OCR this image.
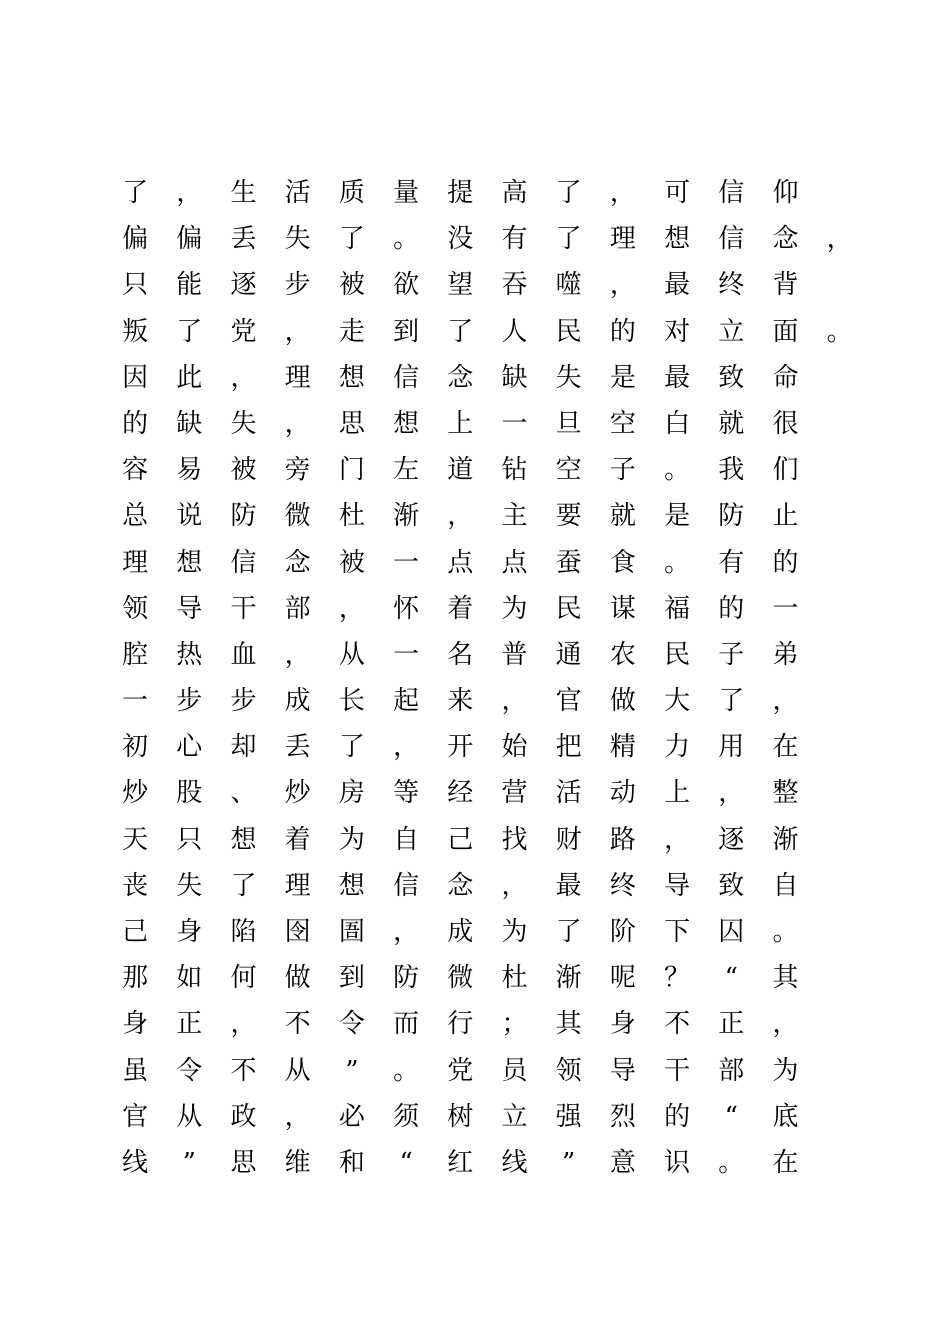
了	，	生	活	质	量	提	高	了	，	可	信	仰
偏	偏	丢	失	了	。	没	有	了	理	想	信	念	，
只	能	逐	步	被	欲	望	吞	噬	，	最	终	背
叛	了	党	，	走	到	了	人	民	的	对	立	面	。
因	此	，	理	想	信	念	缺	失	是	最	致	命
的	缺	失	，	思	想	上	一	旦	空	白	就	很
容	易	被	旁	门	左	道	钻	空	子	。	我	们
总	说	防	微	杜	渐	，	主	要	就	是	防	止
理	想	信	念	被	一	点	点	蚕	食	。	有	的
领	导	干	部	，	怀	着	为	民	谋	福	的	一
腔	热	血	，	从	一	名	普	通	农	民	子	弟
一	步	步	成	长	起	来	，	官	做	大	了	，
初	心	却	丢	了	，	开	始	把	精	力	用	在
炒	股	、	炒	房	等	经	营	活	动	上	，	整
天	只	想	着	为	自	己	找	财	路	，	逐	渐
丧	失	了	理	想	信	念	，	最	终	导	致	自
己	身	陷	囹	圄	，	成	为	了	阶	下	囚	。
那	如	何	做	到	防	微	杜	渐	呢	？	“	其
身	正	，	不	令	而	行	；	其	身	不	正	，
虽	令	不	从	”	。	党	员	领	导	干	部	为
官	从	政	，	必	须	树	立	强	烈	的	“	底
线	”	思	维	和	“	红	线	”	意	识	。	在
